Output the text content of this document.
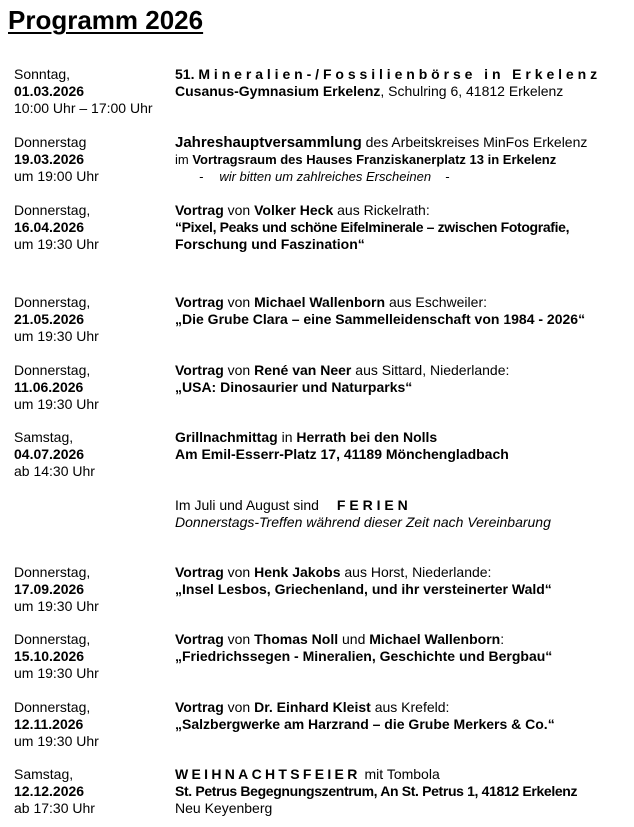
Programm 2026
Sonntag,
01.03.2026
10:00 Uhr – 17:00 Uhr
51. Mineralien-/Fossilienbörse in Erkelenz
Cusanus-Gymnasium Erkelenz, Schulring 6, 41812 Erkelenz
Donnerstag
19.03.2026
um 19:00 Uhr
Jahreshauptversammlung des Arbeitskreises MinFos Erkelenz
im Vortragsraum des Hauses Franziskanerplatz 13 in Erkelenz
- wir bitten um zahlreiches Erscheinen -
Donnerstag,
16.04.2026
um 19:30 Uhr
Vortrag von Volker Heck aus Rickelrath:
“Pixel, Peaks und schöne Eifelminerale – zwischen Fotografie,
Forschung und Faszination“
Donnerstag,
21.05.2026
um 19:30 Uhr
Vortrag von Michael Wallenborn aus Eschweiler:
„Die Grube Clara – eine Sammelleidenschaft von 1984 - 2026“
Donnerstag,
11.06.2026
um 19:30 Uhr
Vortrag von René van Neer aus Sittard, Niederlande:
„USA: Dinosaurier und Naturparks“
Samstag,
04.07.2026
ab 14:30 Uhr
Grillnachmittag in Herrath bei den Nolls
Am Emil-Esserr-Platz 17, 41189 Mönchengladbach
Im Juli und August sind FERIEN
Donnerstags-Treffen während dieser Zeit nach Vereinbarung
Donnerstag,
17.09.2026
um 19:30 Uhr
Vortrag von Henk Jakobs aus Horst, Niederlande:
„Insel Lesbos, Griechenland, und ihr versteinerter Wald“
Donnerstag,
15.10.2026
um 19:30 Uhr
Vortrag von Thomas Noll und Michael Wallenborn:
„Friedrichssegen - Mineralien, Geschichte und Bergbau“
Donnerstag,
12.11.2026
um 19:30 Uhr
Vortrag von Dr. Einhard Kleist aus Krefeld:
„Salzbergwerke am Harzrand – die Grube Merkers & Co.“
Samstag,
12.12.2026
ab 17:30 Uhr
WEIHNACHTSFEIER mit Tombola
St. Petrus Begegnungszentrum, An St. Petrus 1, 41812 Erkelenz
Neu Keyenberg
